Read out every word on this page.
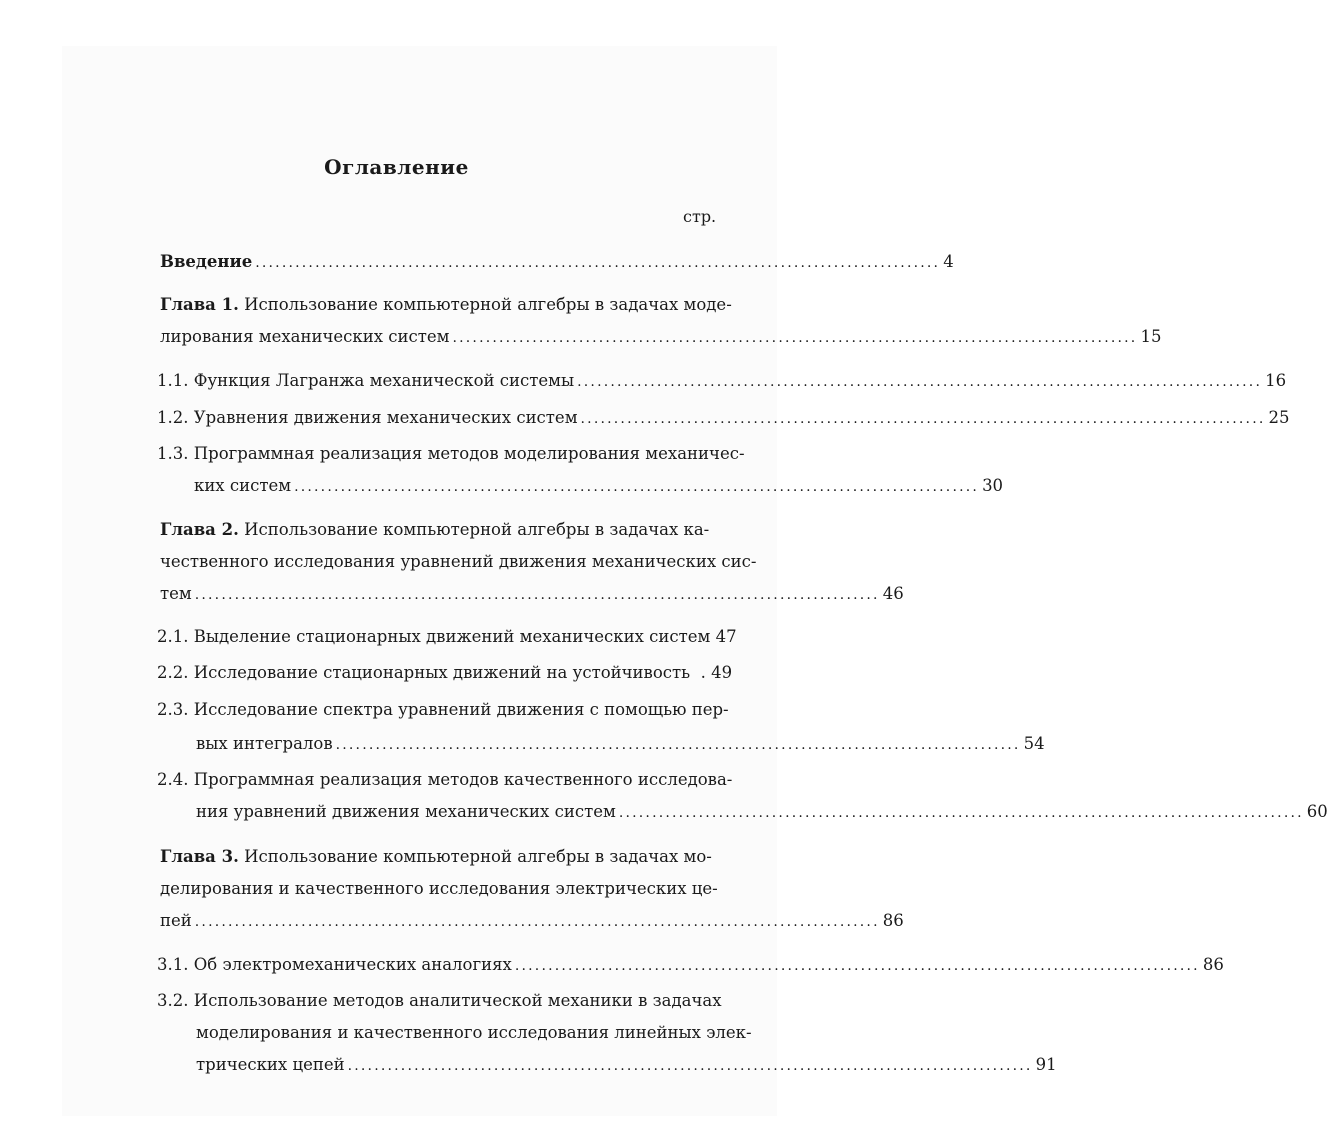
Оглавление
стр.
Введение ....................................................................................................... 4
Глава 1. Использование компьютерной алгебры в задачах моде-
лирования механических систем ....................................................................................................... 15
1.1. Функция Лагранжа механической системы ....................................................................................................... 16
1.2. Уравнения движения механических систем ....................................................................................................... 25
1.3. Программная реализация методов моделирования механичес-
ких систем ....................................................................................................... 30
Глава 2. Использование компьютерной алгебры в задачах ка-
чественного исследования уравнений движения механических сис-
тем ....................................................................................................... 46
2.1. Выделение стационарных движений механических систем 47
2.2. Исследование стационарных движений на устойчивость . 49
2.3. Исследование спектра уравнений движения с помощью пер-
вых интегралов ....................................................................................................... 54
2.4. Программная реализация методов качественного исследова-
ния уравнений движения механических систем ....................................................................................................... 60
Глава 3. Использование компьютерной алгебры в задачах мо-
делирования и качественного исследования электрических це-
пей ....................................................................................................... 86
3.1. Об электромеханических аналогиях ....................................................................................................... 86
3.2. Использование методов аналитической механики в задачах
моделирования и качественного исследования линейных элек-
трических цепей ....................................................................................................... 91
